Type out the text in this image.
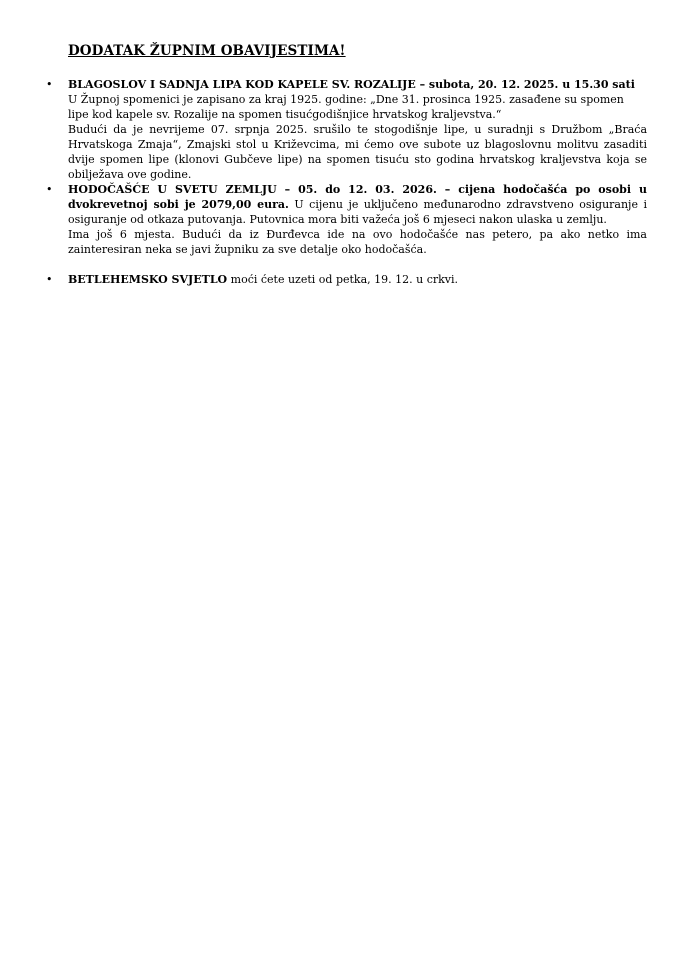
DODATAK ŽUPNIM OBAVIJESTIMA!
• BLAGOSLOV I SADNJA LIPA KOD KAPELE SV. ROZALIJE – subota, 20. 12. 2025. u 15.30 sati
U Župnoj spomenici je zapisano za kraj 1925. godine: „Dne 31. prosinca 1925. zasađene su spomen lipe kod kapele sv. Rozalije na spomen tisućgodišnjice hrvatskog kraljevstva.“
Budući da je nevrijeme 07. srpnja 2025. srušilo te stogodišnje lipe, u suradnji s Družbom „Braća Hrvatskoga Zmaja“, Zmajski stol u Križevcima, mi ćemo ove subote uz blagoslovnu molitvu zasaditi dvije spomen lipe (klonovi Gubčeve lipe) na spomen tisuću sto godina hrvatskog kraljevstva koja se obilježava ove godine.
• HODOČAŠĆE U SVETU ZEMLJU – 05. do 12. 03. 2026. – cijena hodočašća po osobi u dvokrevetnoj sobi je 2079,00 eura. U cijenu je uključeno međunarodno zdravstveno osiguranje i osiguranje od otkaza putovanja. Putovnica mora biti važeća još 6 mjeseci nakon ulaska u zemlju.
Ima još 6 mjesta. Budući da iz Đurđevca ide na ovo hodočašće nas petero, pa ako netko ima zainteresiran neka se javi župniku za sve detalje oko hodočašća.
• BETLEHEMSKO SVJETLO moći ćete uzeti od petka, 19. 12. u crkvi.
